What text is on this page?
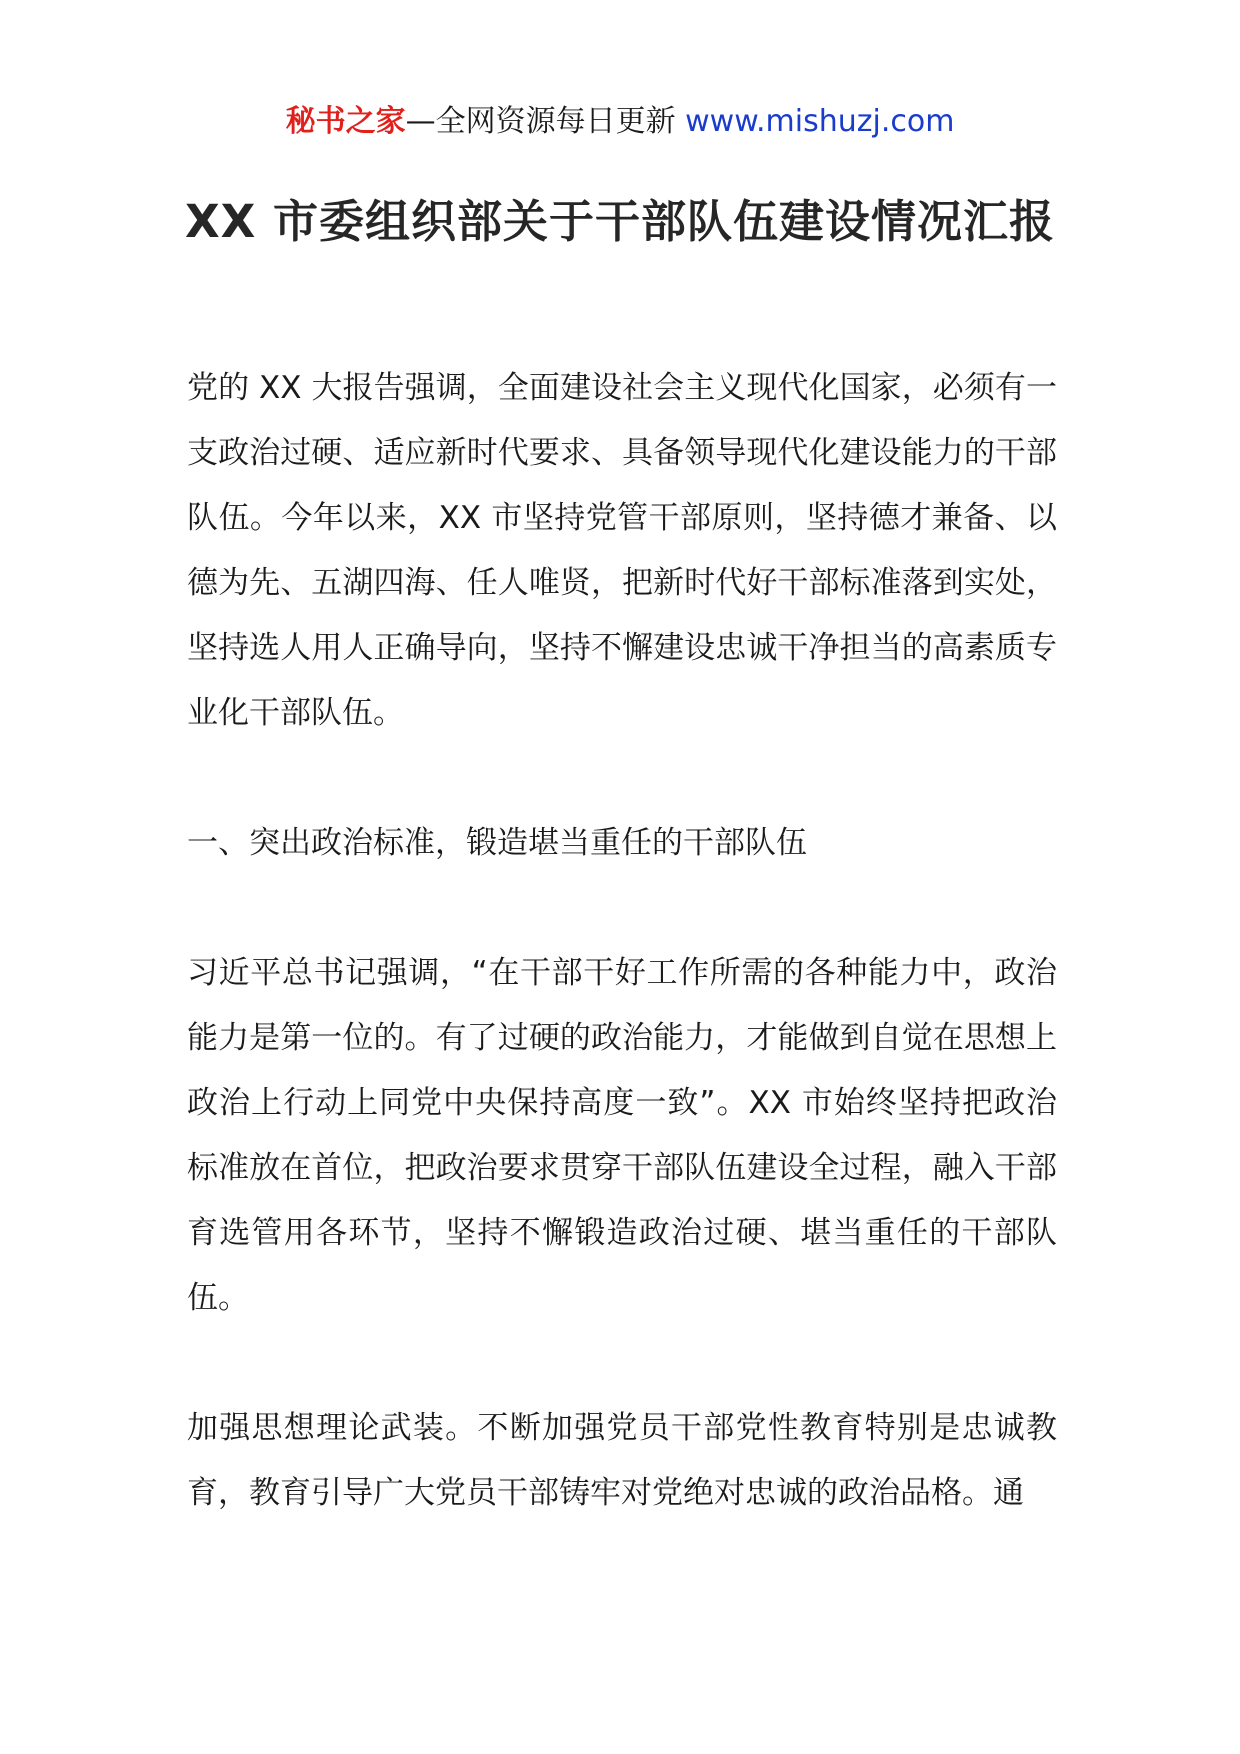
秘书之家—全网资源每日更新 www.mishuzj.com
XX 市委组织部关于干部队伍建设情况汇报

党的 XX 大报告强调，全面建设社会主义现代化国家，必须有一支政治过硬、适应新时代要求、具备领导现代化建设能力的干部队伍。今年以来，XX 市坚持党管干部原则，坚持德才兼备、以德为先、五湖四海、任人唯贤，把新时代好干部标准落到实处，坚持选人用人正确导向，坚持不懈建设忠诚干净担当的高素质专业化干部队伍。

一、突出政治标准，锻造堪当重任的干部队伍

习近平总书记强调，“在干部干好工作所需的各种能力中，政治能力是第一位的。有了过硬的政治能力，才能做到自觉在思想上政治上行动上同党中央保持高度一致”。XX 市始终坚持把政治标准放在首位，把政治要求贯穿干部队伍建设全过程，融入干部育选管用各环节，坚持不懈锻造政治过硬、堪当重任的干部队伍。

加强思想理论武装。不断加强党员干部党性教育特别是忠诚教育，教育引导广大党员干部铸牢对党绝对忠诚的政治品格。通
